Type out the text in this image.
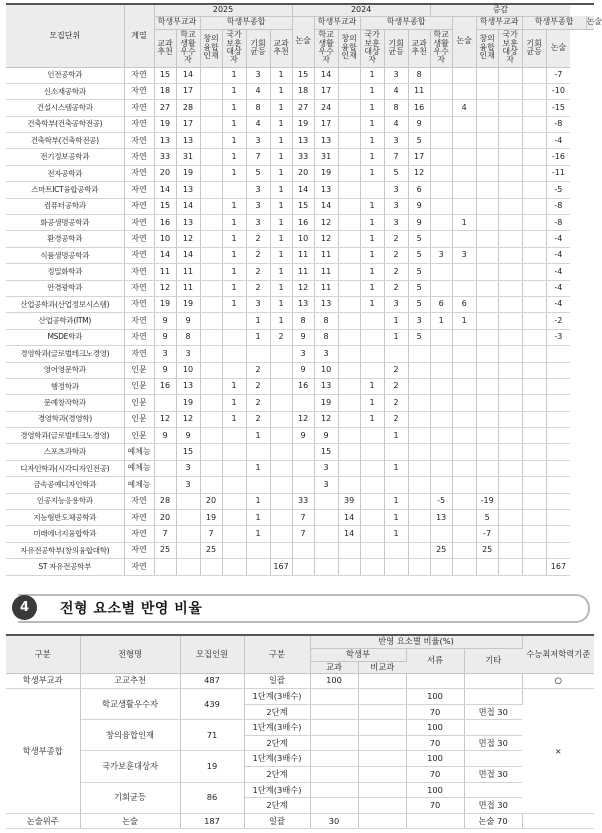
모집단위	계열	2025						2024						증감						
		학생부교과		학생부종합				논술	학생부교과		학생부종합				논술	학생부교과		학생부종합		논술
		교과추천	학교생활우수자	창의융합인재	국가보훈대상자	기회균등	교과추천		학교생활우수자	창의융합인재	국가보훈대상자	기회균등	교과추천	학교생활우수자		창의융합인재	국가보훈대상자	기회균등	논술	
인전공학과	자연	15	14		1	3	1	15	14		1	3	8						-7	
신소재공학과	자연	18	17		1	4	1	18	17		1	4	11						-10	
건설시스템공학과	자연	27	28		1	8	1	27	24		1	8	16		4				-15	
건축학부(건축공학전공)	자연	19	17		1	4	1	19	17		1	4	9						-8	
건축학부(건축학전공)	자연	13	13		1	3	1	13	13		1	3	5						-4	
전기정보공학과	자연	33	31		1	7	1	33	31		1	7	17						-16	
전자공학과	자연	20	19		1	5	1	20	19		1	5	12						-11	
스마트ICT융합공학과	자연	14	13			3	1	14	13			3	6						-5	
컴퓨터공학과	자연	15	14		1	3	1	15	14		1	3	9						-8	
화공생명공학과	자연	16	13		1	3	1	16	12		1	3	9		1				-8	
환경공학과	자연	10	12		1	2	1	10	12		1	2	5						-4	
식품생명공학과	자연	14	14		1	2	1	11	11		1	2	5	3	3				-4	
정밀화학과	자연	11	11		1	2	1	11	11		1	2	5						-4	
안경광학과	자연	12	11		1	2	1	12	11		1	2	5						-4	
산업공학과(산업정보시스템)	자연	19	19		1	3	1	13	13		1	3	5	6	6				-4	
산업공학과(ITM)	자연	9	9			1	1	8	8			1	3	1	1				-2	
MSDE학과	자연	9	8			1	2	9	8			1	5						-3	
경영학과(글로벌테크노경영)	자연	3	3					3	3											
영어영문학과	인문	9	10			2		9	10			2								
행정학과	인문	16	13		1	2		16	13		1	2								
문예창작학과	인문		19		1	2			19		1	2								
경영학과(경영학)	인문	12	12		1	2		12	12		1	2								
경영학과(글로벌테크노경영)	인문	9	9			1		9	9			1								
스포츠과학과	예체능		15						15											
디자인학과(시각디자인전공)	예체능		3			1			3			1								
금속공예디자인학과	예체능		3						3											
인공지능응용학과	자연	28		20		1		33		39		1		-5		-19				
지능형반도체공학과	자연	20		19		1		7		14		1		13		5				
미래에너지융합학과	자연	7		7		1		7		14		1				-7				
자유전공학부(창의융합대학)	자연	25		25										25		25				
ST 자유전공학부	자연						167												167	
4	전형 요소별 반영 비율
구분	전형명	모집인원	구분	반영 요소별 비율(%)				수능최저학력기준
				학생부		서류	기타	
				교과	비교과			
학생부교과	고교추천	487	일괄	100				○
학생부종합	학교생활우수자	439	1단계(3배수)			100		×
			2단계			70	면접 30	
	창의융합인재	71	1단계(3배수)			100		
			2단계			70	면접 30	
	국가보훈대상자	19	1단계(3배수)			100		
			2단계			70	면접 30	
	기회균등	86	1단계(3배수)			100		
			2단계			70	면접 30	
논술위주	논술	187	일괄	30			논술 70	
